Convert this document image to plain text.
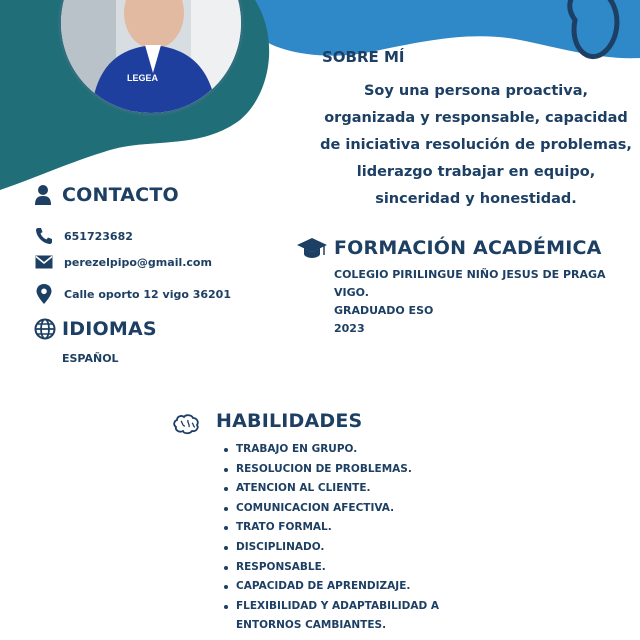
LEGEA
SOBRE MÍ
Soy una persona proactiva, organizada y responsable, capacidad de iniciativa resolución de problemas, liderazgo trabajar en equipo, sinceridad y honestidad.
CONTACTO
651723682
perezelpipo@gmail.com
Calle oporto 12 vigo 36201
IDIOMAS
ESPAÑOL
FORMACIÓN ACADÉMICA
COLEGIO PIRILINGUE NIÑO JESUS DE PRAGA
VIGO.
GRADUADO ESO
2023
HABILIDADES
TRABAJO EN GRUPO.
RESOLUCION DE PROBLEMAS.
ATENCION AL CLIENTE.
COMUNICACION AFECTIVA.
TRATO FORMAL.
DISCIPLINADO.
RESPONSABLE.
CAPACIDAD DE APRENDIZAJE.
FLEXIBILIDAD Y ADAPTABILIDAD A
ENTORNOS CAMBIANTES.
